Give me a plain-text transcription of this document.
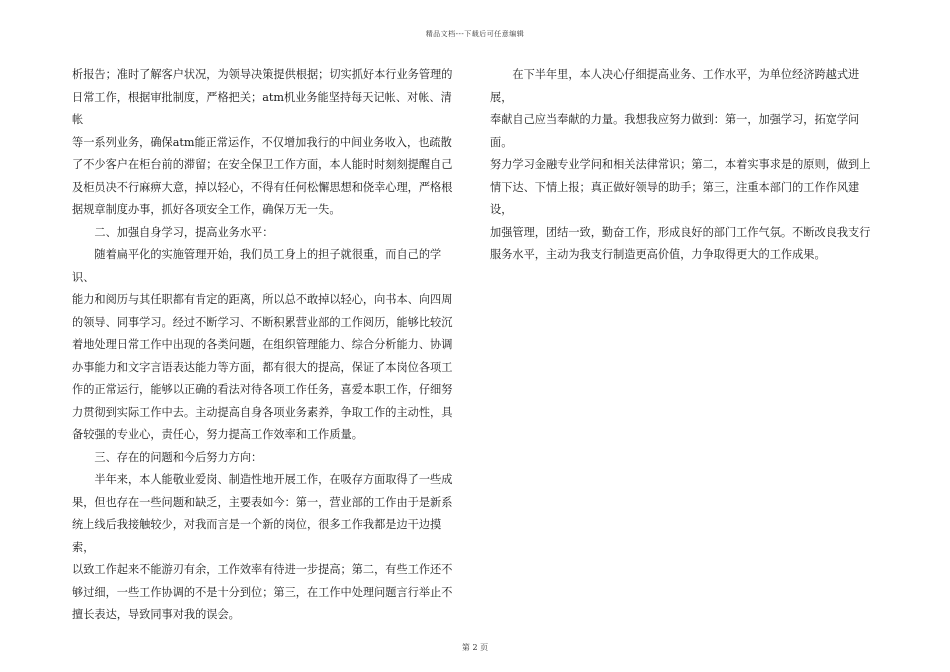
精品文档---下载后可任意编辑

析报告；准时了解客户状况，为领导决策提供根据；切实抓好本行业务管理的

日常工作，根据审批制度，严格把关；atm机业务能坚持每天记帐、对帐、清帐

等一系列业务，确保atm能正常运作，不仅增加我行的中间业务收入，也疏散

了不少客户在柜台前的滞留；在安全保卫工作方面，本人能时时刻刻提醒自己

及柜员决不行麻痹大意，掉以轻心，不得有任何松懈思想和侥幸心理，严格根

据规章制度办事，抓好各项安全工作，确保万无一失。

二、加强自身学习，提高业务水平：

随着扁平化的实施管理开始，我们员工身上的担子就很重，而自己的学识、

能力和阅历与其任职都有肯定的距离，所以总不敢掉以轻心，向书本、向四周

的领导、同事学习。经过不断学习、不断积累营业部的工作阅历，能够比较沉

着地处理日常工作中出现的各类问题，在组织管理能力、综合分析能力、协调

办事能力和文字言语表达能力等方面，都有很大的提高，保证了本岗位各项工

作的正常运行，能够以正确的看法对待各项工作任务，喜爱本职工作，仔细努

力贯彻到实际工作中去。主动提高自身各项业务素养，争取工作的主动性，具

备较强的专业心，责任心，努力提高工作效率和工作质量。

三、存在的问题和今后努力方向：

半年来，本人能敬业爱岗、制造性地开展工作，在吸存方面取得了一些成

果，但也存在一些问题和缺乏，主要表如今：第一，营业部的工作由于是新系

统上线后我接触较少，对我而言是一个新的岗位，很多工作我都是边干边摸索，

以致工作起来不能游刃有余，工作效率有待进一步提高；第二，有些工作还不

够过细，一些工作协调的不是十分到位；第三，在工作中处理问题言行举止不

擅长表达，导致同事对我的误会。

在下半年里，本人决心仔细提高业务、工作水平，为单位经济跨越式进展，

奉献自己应当奉献的力量。我想我应努力做到：第一，加强学习，拓宽学问面。

努力学习金融专业学问和相关法律常识；第二，本着实事求是的原则，做到上

情下达、下情上报；真正做好领导的助手；第三，注重本部门的工作作风建设，

加强管理，团结一致，勤奋工作，形成良好的部门工作气氛。不断改良我支行

服务水平，主动为我支行制造更高价值，力争取得更大的工作成果。

第 2 页
